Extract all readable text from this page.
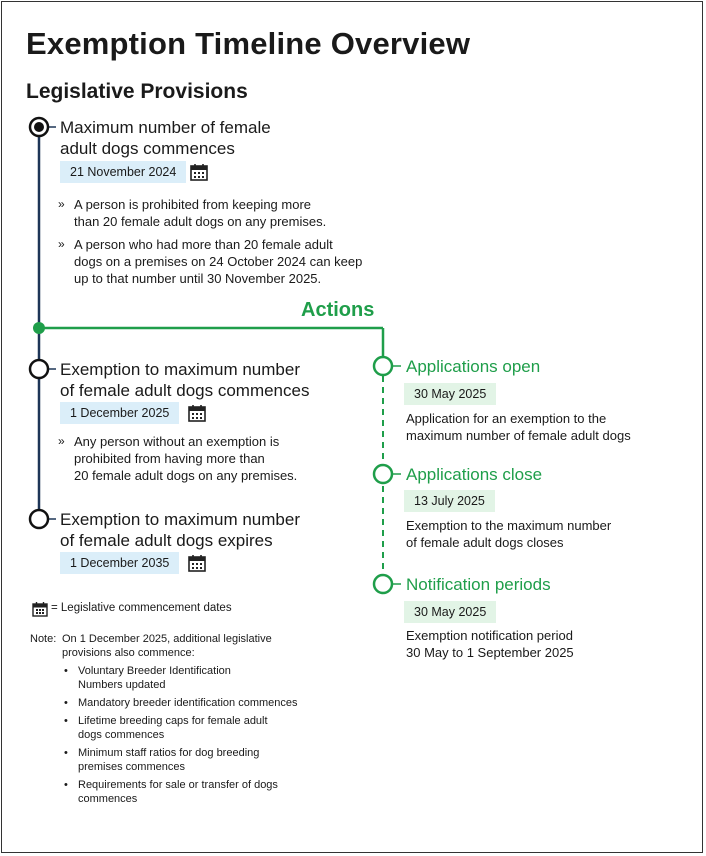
Exemption Timeline Overview
Legislative Provisions
Maximum number of female
adult dogs commences
21 November 2024
» A person is prohibited from keeping more
than 20 female adult dogs on any premises.
» A person who had more than 20 female adult
dogs on a premises on 24 October 2024 can keep
up to that number until 30 November 2025.
Actions
Exemption to maximum number
of female adult dogs commences
1 December 2025
» Any person without an exemption is
prohibited from having more than
20 female adult dogs on any premises.
Exemption to maximum number
of female adult dogs expires
1 December 2035
Applications open
30 May 2025
Application for an exemption to the
maximum number of female adult dogs
Applications close
13 July 2025
Exemption to the maximum number
of female adult dogs closes
Notification periods
30 May 2025
Exemption notification period
30 May to 1 September 2025
= Legislative commencement dates
Note: On 1 December 2025, additional legislative
provisions also commence:
• Voluntary Breeder Identification
Numbers updated
• Mandatory breeder identification commences
• Lifetime breeding caps for female adult
dogs commences
• Minimum staff ratios for dog breeding
premises commences
• Requirements for sale or transfer of dogs
commences
